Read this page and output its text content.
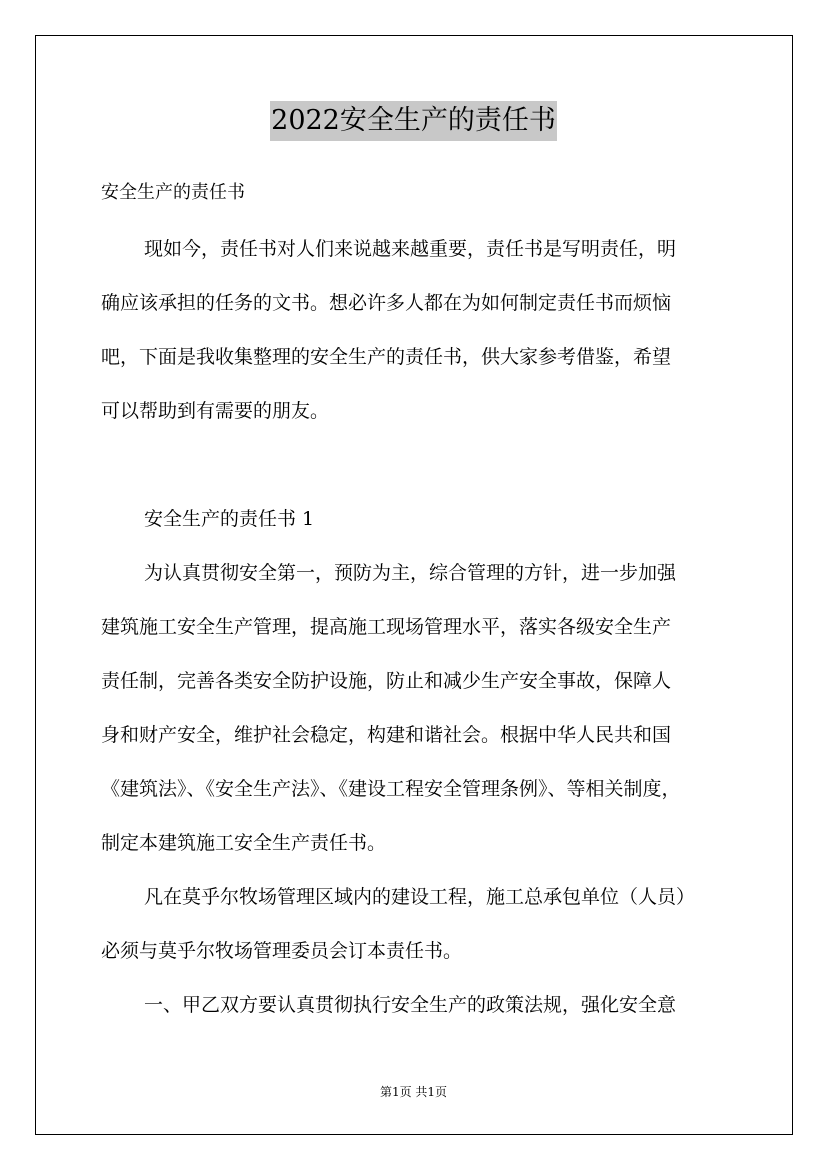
2022安全生产的责任书
安全生产的责任书
现如今，责任书对人们来说越来越重要，责任书是写明责任，明
确应该承担的任务的文书。想必许多人都在为如何制定责任书而烦恼
吧，下面是我收集整理的安全生产的责任书，供大家参考借鉴，希望
可以帮助到有需要的朋友。
安全生产的责任书 1
为认真贯彻安全第一，预防为主，综合管理的方针，进一步加强
建筑施工安全生产管理，提高施工现场管理水平，落实各级安全生产
责任制，完善各类安全防护设施，防止和减少生产安全事故，保障人
身和财产安全，维护社会稳定，构建和谐社会。根据中华人民共和国
《建筑法》、《安全生产法》、《建设工程安全管理条例》、等相关制度，
制定本建筑施工安全生产责任书。
凡在莫乎尔牧场管理区域内的建设工程，施工总承包单位（人员）
必须与莫乎尔牧场管理委员会订本责任书。
一、甲乙双方要认真贯彻执行安全生产的政策法规，强化安全意
第1页 共1页
